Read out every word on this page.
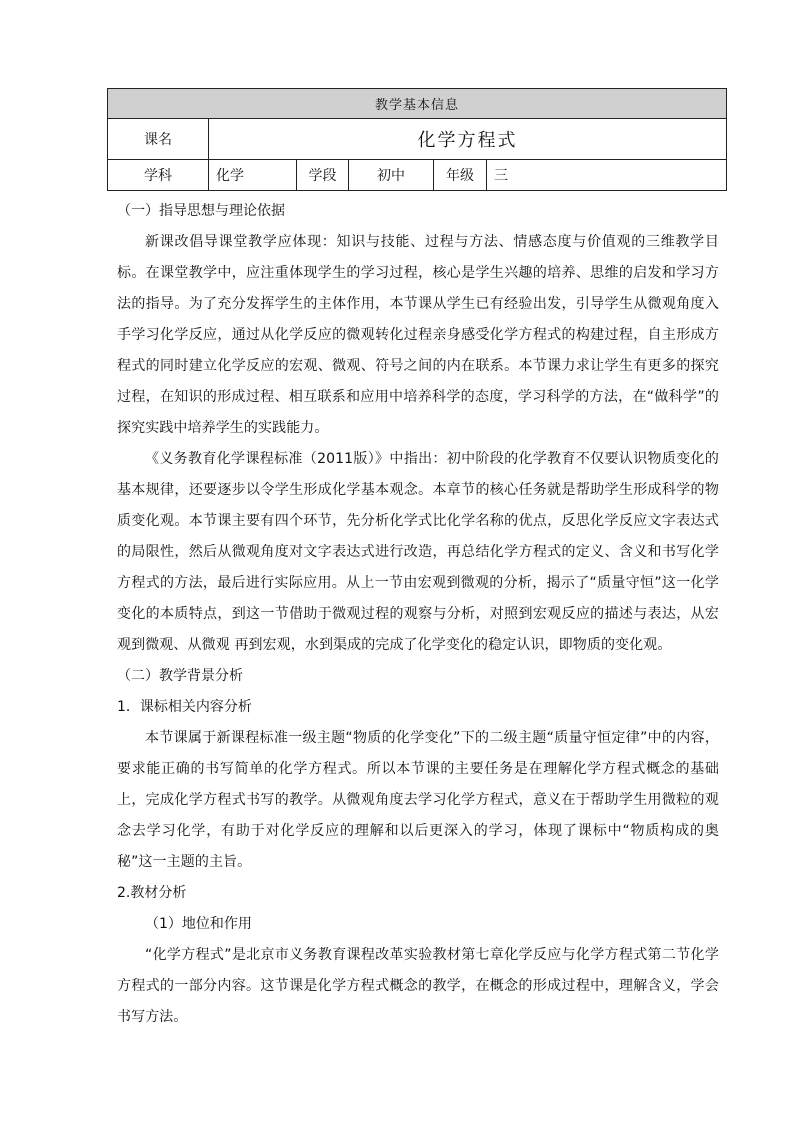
教学基本信息					
课名	化学方程式				
学科	化学	学段	初中	年级	三
（一）指导思想与理论依据

新课改倡导课堂教学应体现：知识与技能、过程与方法、情感态度与价值观的三维教学目标。在课堂教学中，应注重体现学生的学习过程，核心是学生兴趣的培养、思维的启发和学习方法的指导。为了充分发挥学生的主体作用，本节课从学生已有经验出发，引导学生从微观角度入手学习化学反应，通过从化学反应的微观转化过程亲身感受化学方程式的构建过程，自主形成方程式的同时建立化学反应的宏观、微观、符号之间的内在联系。本节课力求让学生有更多的探究过程，在知识的形成过程、相互联系和应用中培养科学的态度，学习科学的方法，在“做科学”的探究实践中培养学生的实践能力。

《义务教育化学课程标准（2011版）》中指出：初中阶段的化学教育不仅要认识物质变化的基本规律，还要逐步以令学生形成化学基本观念。本章节的核心任务就是帮助学生形成科学的物质变化观。本节课主要有四个环节，先分析化学式比化学名称的优点，反思化学反应文字表达式的局限性，然后从微观角度对文字表达式进行改造，再总结化学方程式的定义、含义和书写化学方程式的方法，最后进行实际应用。从上一节由宏观到微观的分析，揭示了“质量守恒”这一化学变化的本质特点，到这一节借助于微观过程的观察与分析，对照到宏观反应的描述与表达，从宏观到微观、从微观 再到宏观，水到渠成的完成了化学变化的稳定认识，即物质的变化观。

（二）教学背景分析
1．课标相关内容分析

本节课属于新课程标准一级主题“物质的化学变化”下的二级主题“质量守恒定律”中的内容，要求能正确的书写简单的化学方程式。所以本节课的主要任务是在理解化学方程式概念的基础上，完成化学方程式书写的教学。从微观角度去学习化学方程式，意义在于帮助学生用微粒的观念去学习化学，有助于对化学反应的理解和以后更深入的学习，体现了课标中“物质构成的奥秘”这一主题的主旨。

2.教材分析
（1）地位和作用

“化学方程式”是北京市义务教育课程改革实验教材第七章化学反应与化学方程式第二节化学方程式的一部分内容。这节课是化学方程式概念的教学，在概念的形成过程中，理解含义，学会书写方法。
